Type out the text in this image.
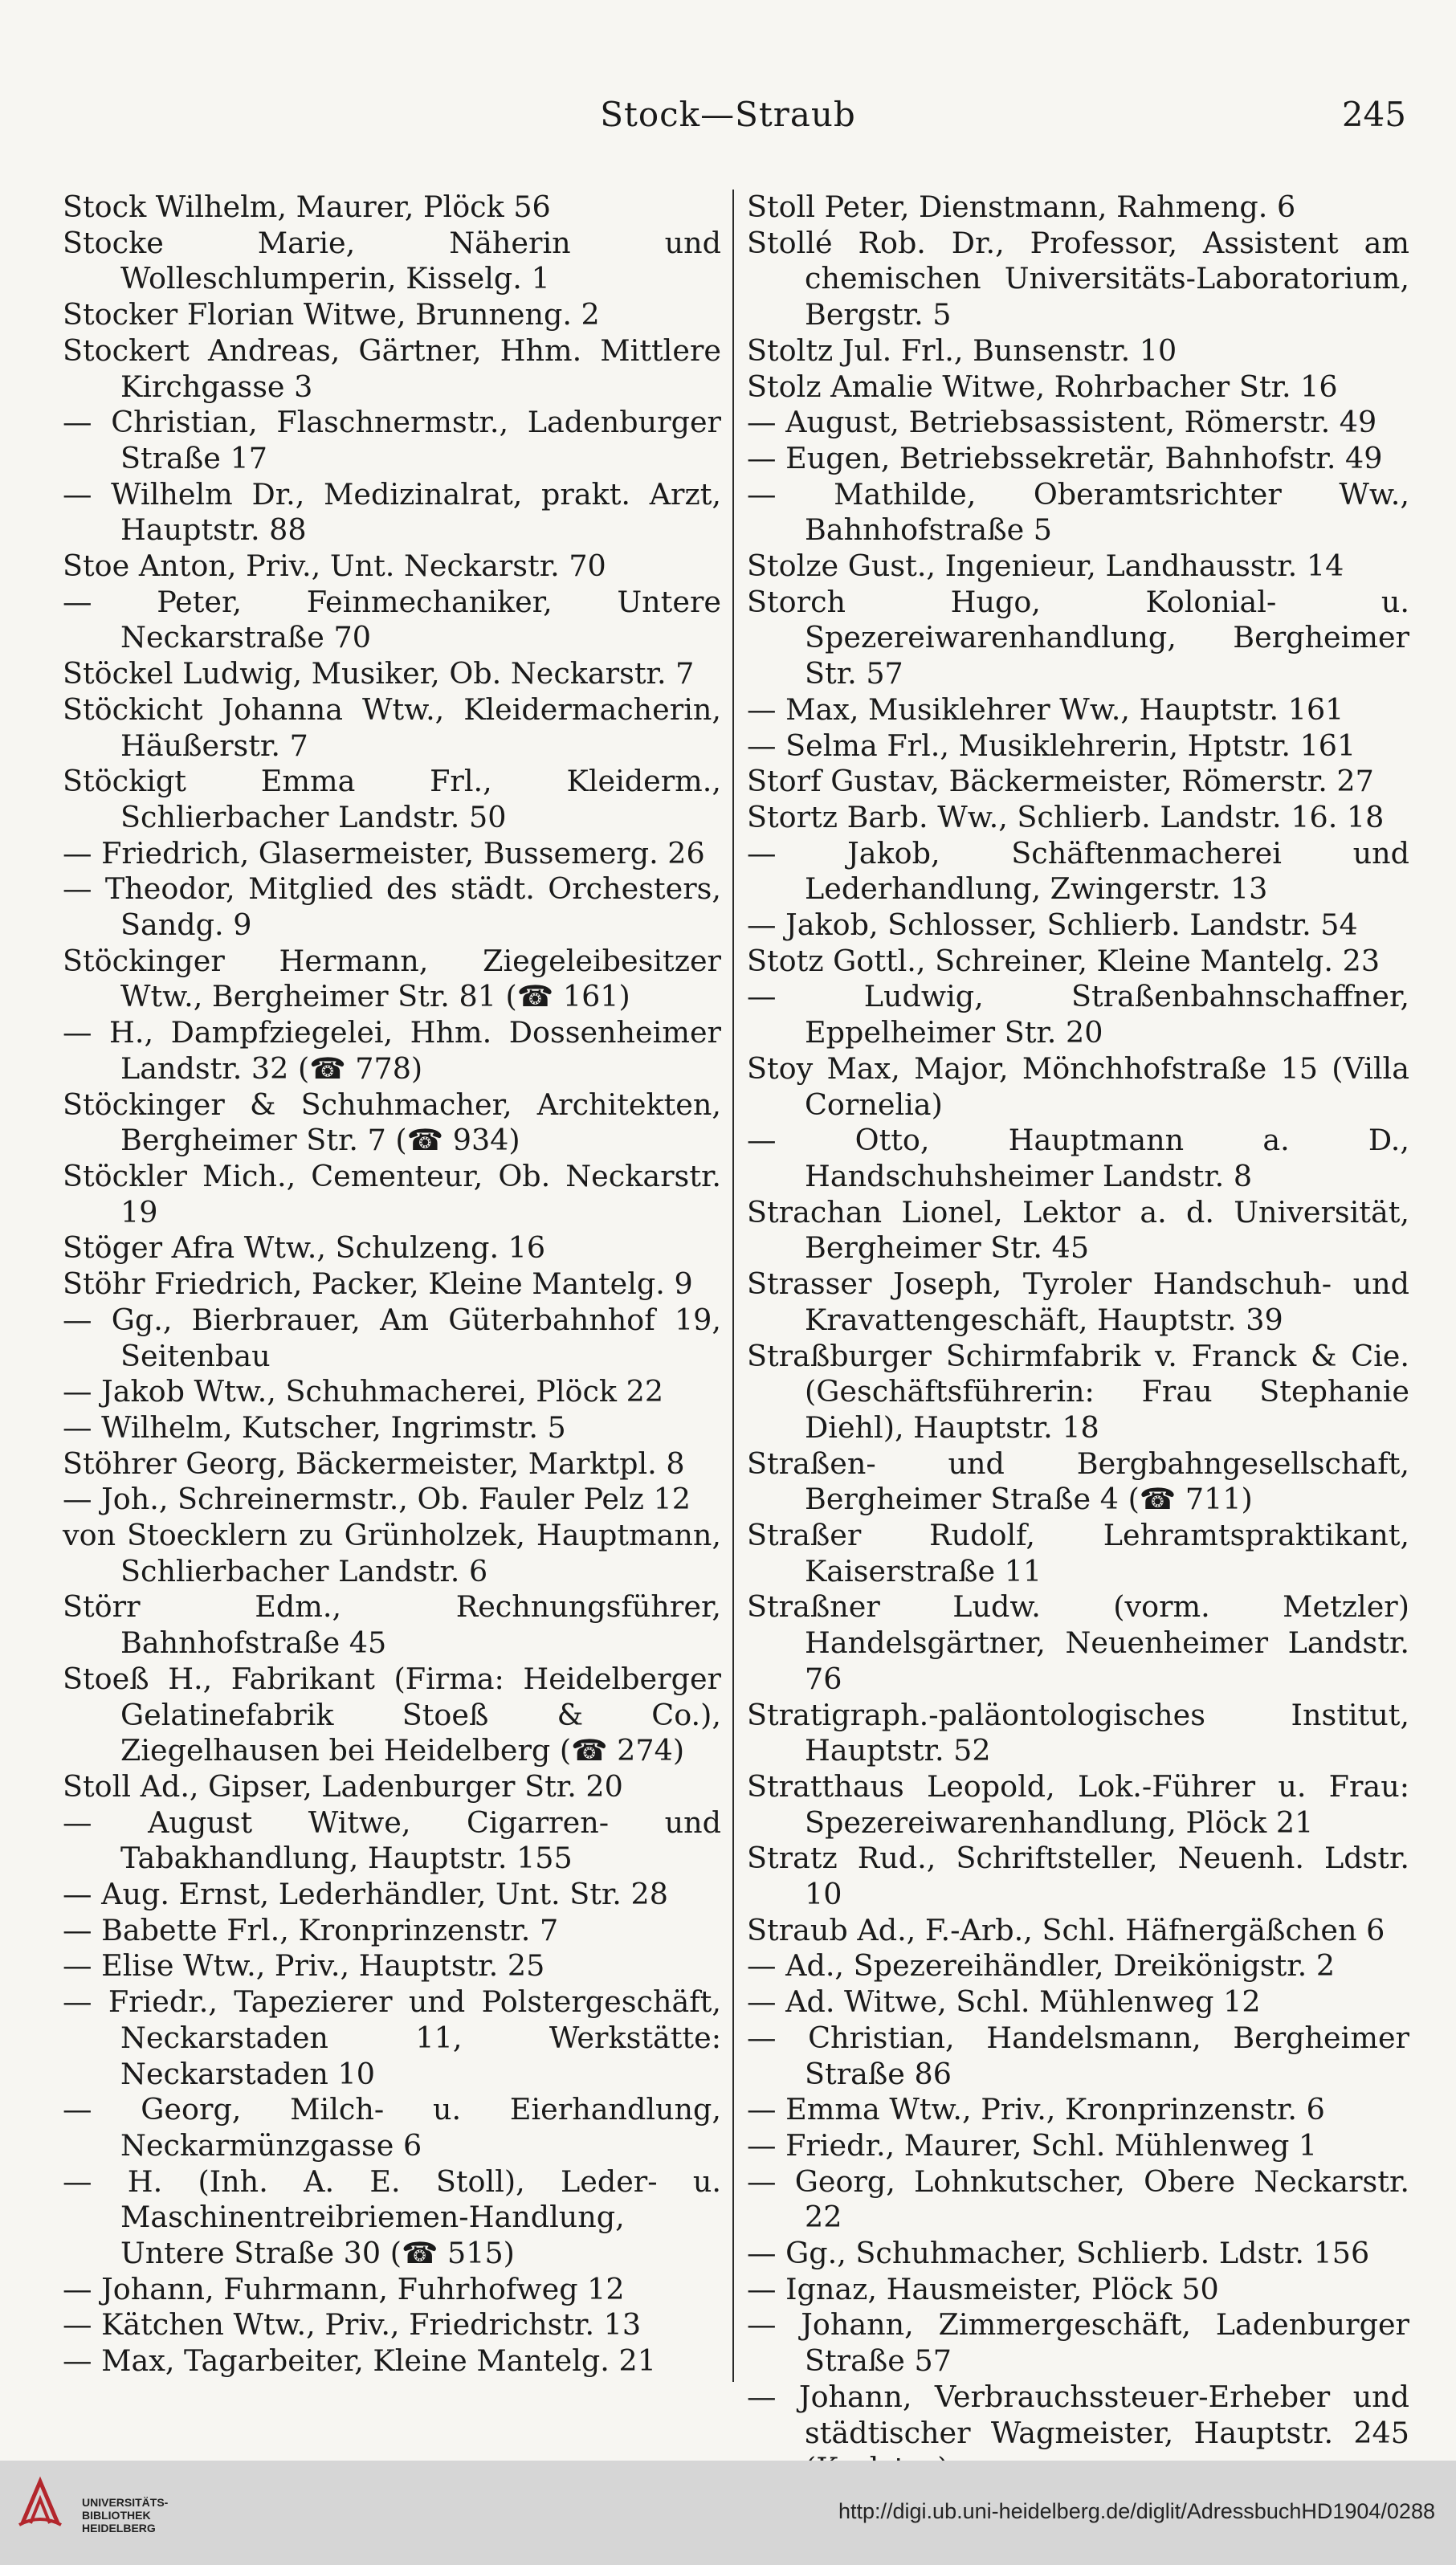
Stock—Straub	245

Stock Wilhelm, Maurer, Plöck 56

Stocke Marie, Näherin und Wolleschlumperin, Kisselg. 1

Stocker Florian Witwe, Brunneng. 2

Stockert Andreas, Gärtner, Hhm. Mittlere Kirchgasse 3

— Christian, Flaschnermstr., Ladenburger Straße 17

— Wilhelm Dr., Medizinalrat, prakt. Arzt, Hauptstr. 88

Stoe Anton, Priv., Unt. Neckarstr. 70

— Peter, Feinmechaniker, Untere Neckarstraße 70

Stöckel Ludwig, Musiker, Ob. Neckarstr. 7

Stöckicht Johanna Wtw., Kleidermacherin, Häußerstr. 7

Stöckigt Emma Frl., Kleiderm., Schlierbacher Landstr. 50

— Friedrich, Glasermeister, Bussemerg. 26

— Theodor, Mitglied des städt. Orchesters, Sandg. 9

Stöckinger Hermann, Ziegeleibesitzer Wtw., Bergheimer Str. 81 (☎ 161)

— H., Dampfziegelei, Hhm. Dossenheimer Landstr. 32 (☎ 778)

Stöckinger & Schuhmacher, Architekten, Bergheimer Str. 7 (☎ 934)

Stöckler Mich., Cementeur, Ob. Neckarstr. 19

Stöger Afra Wtw., Schulzeng. 16

Stöhr Friedrich, Packer, Kleine Mantelg. 9

— Gg., Bierbrauer, Am Güterbahnhof 19, Seitenbau

— Jakob Wtw., Schuhmacherei, Plöck 22

— Wilhelm, Kutscher, Ingrimstr. 5

Stöhrer Georg, Bäckermeister, Marktpl. 8

— Joh., Schreinermstr., Ob. Fauler Pelz 12

von Stoecklern zu Grünholzek, Hauptmann, Schlierbacher Landstr. 6

Störr Edm., Rechnungsführer, Bahnhofstraße 45

Stoeß H., Fabrikant (Firma: Heidelberger Gelatinefabrik Stoeß & Co.), Ziegelhausen bei Heidelberg (☎ 274)

Stoll Ad., Gipser, Ladenburger Str. 20

— August Witwe, Cigarren- und Tabakhandlung, Hauptstr. 155

— Aug. Ernst, Lederhändler, Unt. Str. 28

— Babette Frl., Kronprinzenstr. 7

— Elise Wtw., Priv., Hauptstr. 25

— Friedr., Tapezierer und Polstergeschäft, Neckarstaden 11, Werkstätte: Neckarstaden 10

— Georg, Milch- u. Eierhandlung, Neckarmünzgasse 6

— H. (Inh. A. E. Stoll), Leder- u. Maschinentreibriemen-Handlung, Untere Straße 30 (☎ 515)

— Johann, Fuhrmann, Fuhrhofweg 12

— Kätchen Wtw., Priv., Friedrichstr. 13

— Max, Tagarbeiter, Kleine Mantelg. 21

Stoll Peter, Dienstmann, Rahmeng. 6

Stollé Rob. Dr., Professor, Assistent am chemischen Universitäts-Laboratorium, Bergstr. 5

Stoltz Jul. Frl., Bunsenstr. 10

Stolz Amalie Witwe, Rohrbacher Str. 16

— August, Betriebsassistent, Römerstr. 49

— Eugen, Betriebssekretär, Bahnhofstr. 49

— Mathilde, Oberamtsrichter Ww., Bahnhofstraße 5

Stolze Gust., Ingenieur, Landhausstr. 14

Storch Hugo, Kolonial- u. Spezereiwarenhandlung, Bergheimer Str. 57

— Max, Musiklehrer Ww., Hauptstr. 161

— Selma Frl., Musiklehrerin, Hptstr. 161

Storf Gustav, Bäckermeister, Römerstr. 27

Stortz Barb. Ww., Schlierb. Landstr. 16. 18

— Jakob, Schäftenmacherei und Lederhandlung, Zwingerstr. 13

— Jakob, Schlosser, Schlierb. Landstr. 54

Stotz Gottl., Schreiner, Kleine Mantelg. 23

— Ludwig, Straßenbahnschaffner, Eppelheimer Str. 20

Stoy Max, Major, Mönchhofstraße 15 (Villa Cornelia)

— Otto, Hauptmann a. D., Handschuhsheimer Landstr. 8

Strachan Lionel, Lektor a. d. Universität, Bergheimer Str. 45

Strasser Joseph, Tyroler Handschuh- und Kravattengeschäft, Hauptstr. 39

Straßburger Schirmfabrik v. Franck & Cie. (Geschäftsführerin: Frau Stephanie Diehl), Hauptstr. 18

Straßen- und Bergbahngesellschaft, Bergheimer Straße 4 (☎ 711)

Straßer Rudolf, Lehramtspraktikant, Kaiserstraße 11

Straßner Ludw. (vorm. Metzler) Handelsgärtner, Neuenheimer Landstr. 76

Stratigraph.-paläontologisches Institut, Hauptstr. 52

Stratthaus Leopold, Lok.-Führer u. Frau: Spezereiwarenhandlung, Plöck 21

Stratz Rud., Schriftsteller, Neuenh. Ldstr. 10

Straub Ad., F.-Arb., Schl. Häfnergäßchen 6

— Ad., Spezereihändler, Dreikönigstr. 2

— Ad. Witwe, Schl. Mühlenweg 12

— Christian, Handelsmann, Bergheimer Straße 86

— Emma Wtw., Priv., Kronprinzenstr. 6

— Friedr., Maurer, Schl. Mühlenweg 1

— Georg, Lohnkutscher, Obere Neckarstr. 22

— Gg., Schuhmacher, Schlierb. Ldstr. 156

— Ignaz, Hausmeister, Plöck 50

— Johann, Zimmergeschäft, Ladenburger Straße 57

— Johann, Verbrauchssteuer-Erheber und städtischer Wagmeister, Hauptstr. 245

UNIVERSITÄTS-
BIBLIOTHEK
HEIDELBERG
http://digi.ub.uni-heidelberg.de/diglit/AdressbuchHD1904/0288
